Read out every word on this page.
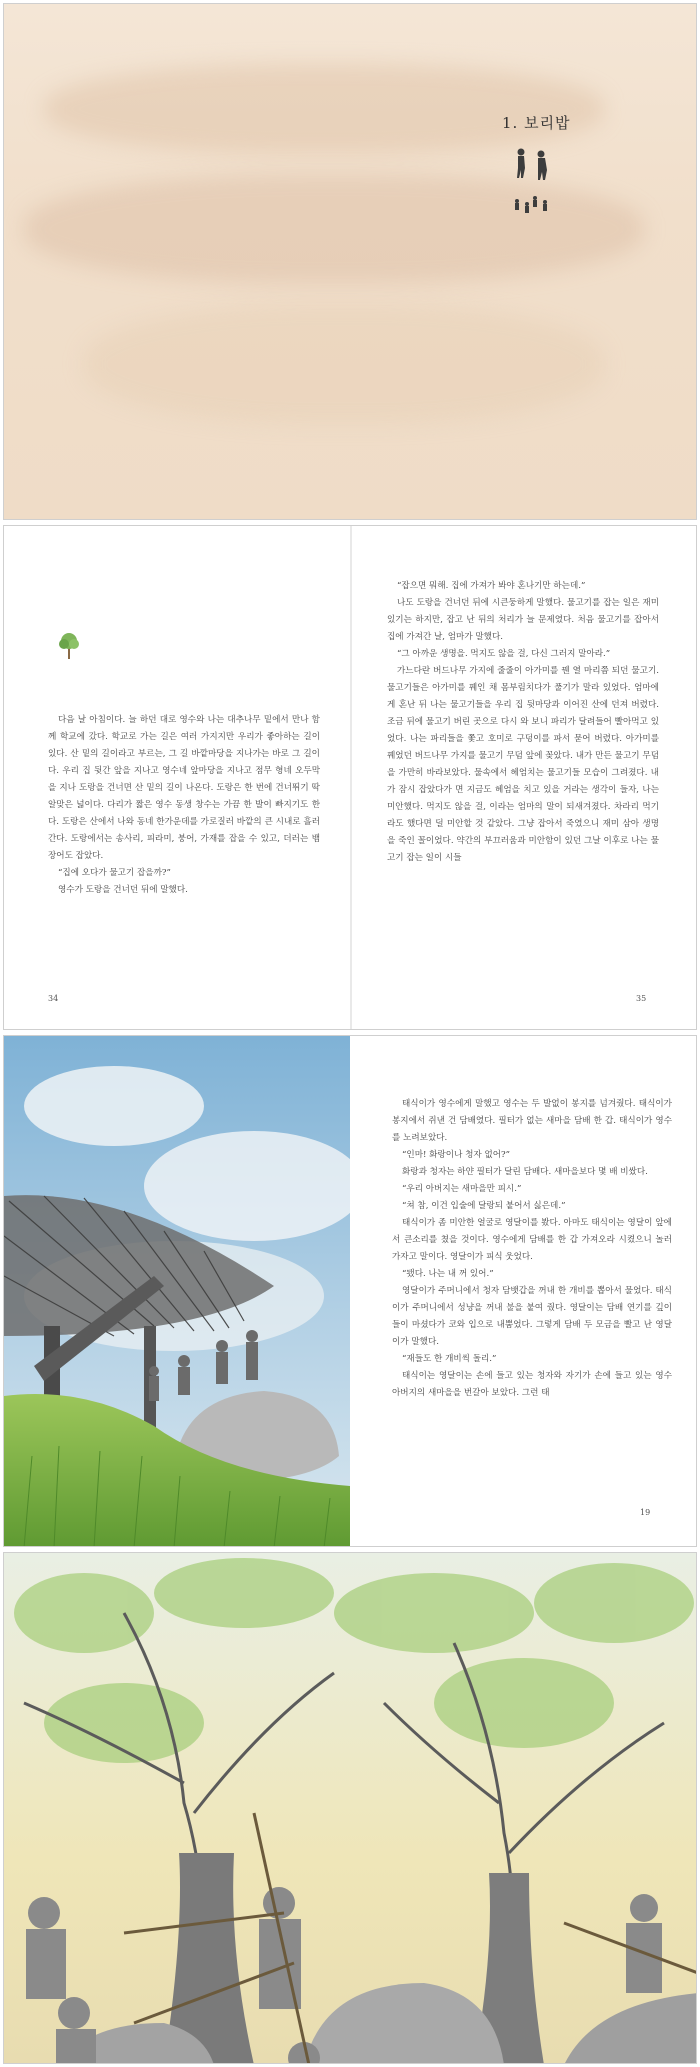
1. 보리밥

다음 날 아침이다. 늘 하던 대로 영수와 나는 대추나무 밑에서 만나 함께 학교에 갔다. 학교로 가는 길은 여러 가지지만 우리가 좋아하는 길이 있다. 산 밑의 길이라고 부르는, 그 길 바깥마당을 지나가는 바로 그 길이다. 우리 집 뒷간 앞을 지나고 영수네 앞마당을 지나고 점무 형네 오두막을 지나 도랑을 건너면 산 밑의 길이 나온다. 도랑은 한 번에 건너뛰기 딱 알맞은 넓이다. 다리가 짧은 영수 동생 창수는 가끔 한 발이 빠지기도 한다. 도랑은 산에서 나와 동네 한가운데를 가로질러 바깥의 큰 시내로 흘러간다. 도랑에서는 송사리, 피라미, 붕어, 가재를 잡을 수 있고, 더러는 뱀장어도 잡았다.

“집에 오다가 물고기 잡을까?”

영수가 도랑을 건너던 뒤에 말했다.

34

“잡으면 뭐해. 집에 가져가 봐야 혼나기만 하는데.”

나도 도랑을 건너던 뒤에 시큰둥하게 말했다. 물고기를 잡는 일은 재미있기는 하지만, 잡고 난 뒤의 처리가 늘 문제였다. 처음 물고기를 잡아서 집에 가져간 날, 엄마가 말했다.

“그 아까운 생명을. 먹지도 않을 걸, 다신 그러지 말아라.”

가느다란 버드나무 가지에 줄줄이 아가미를 꿴 열 마리쯤 되던 물고기. 물고기들은 아가미를 꿰인 채 몸부림치다가 풀기가 말라 있었다. 엄마에게 혼난 뒤 나는 물고기들을 우리 집 뒷마당과 이어진 산에 던져 버렸다. 조금 뒤에 물고기 버린 곳으로 다시 와 보니 파리가 달려들어 빨아먹고 있었다. 나는 파리들을 쫓고 호미로 구덩이를 파서 묻어 버렸다. 아가미를 꿰었던 버드나무 가지를 물고기 무덤 앞에 꽂았다. 내가 만든 물고기 무덤을 가만히 바라보았다. 물속에서 헤엄치는 물고기들 모습이 그려졌다. 내가 잠시 잡았다가 면 지금도 헤엄을 치고 있을 거라는 생각이 들자, 나는 미안했다. 먹지도 않을 걸, 이라는 엄마의 말이 되새겨졌다. 차라리 먹기라도 했다면 덜 미안할 것 같았다. 그냥 잡아서 죽였으니 재미 삼아 생명을 죽인 꼴이었다. 약간의 부끄러움과 미안함이 있던 그날 이후로 나는 물고기 잡는 일이 시들

35

태식이가 영수에게 말했고 영수는 두 발없이 봉지를 넘겨줬다. 태식이가 봉지에서 쥐낸 건 담배였다. 필터가 없는 새마을 담배 한 갑. 태식이가 영수를 노려보았다.

“인마! 화랑이나 청자 없어?”

화랑과 청자는 하얀 필터가 달린 담배다. 새마을보다 몇 배 비쌌다.

“우리 아버지는 새마을만 피시.”

“쳐 참, 이건 입술에 달랑되 붙어서 싫은데.”

태식이가 좀 미안한 얼굴로 영달이를 봤다. 아마도 태식이는 영달이 앞에서 큰소리를 쳤을 것이다. 영수에게 담배를 한 갑 가져오라 시켰으니 놀러 가자고 말이다. 영달이가 피식 웃었다.

“됐다. 나는 내 꺼 있어.”

영달이가 주머니에서 청자 담뱃갑을 꺼내 한 개비를 뽑아서 물었다. 태식이가 주머니에서 성냥을 꺼내 불을 붙여 줬다. 영달이는 담배 연기를 깊이 들이 마셨다가 코와 입으로 내뿜었다. 그렇게 담배 두 모금을 빨고 난 영달이가 말했다.

“재들도 한 개비씩 돌리.”

태식이는 영달이는 손에 들고 있는 청자와 자기가 손에 들고 있는 영수 아버지의 새마을을 번갈아 보았다. 그런 태

19
